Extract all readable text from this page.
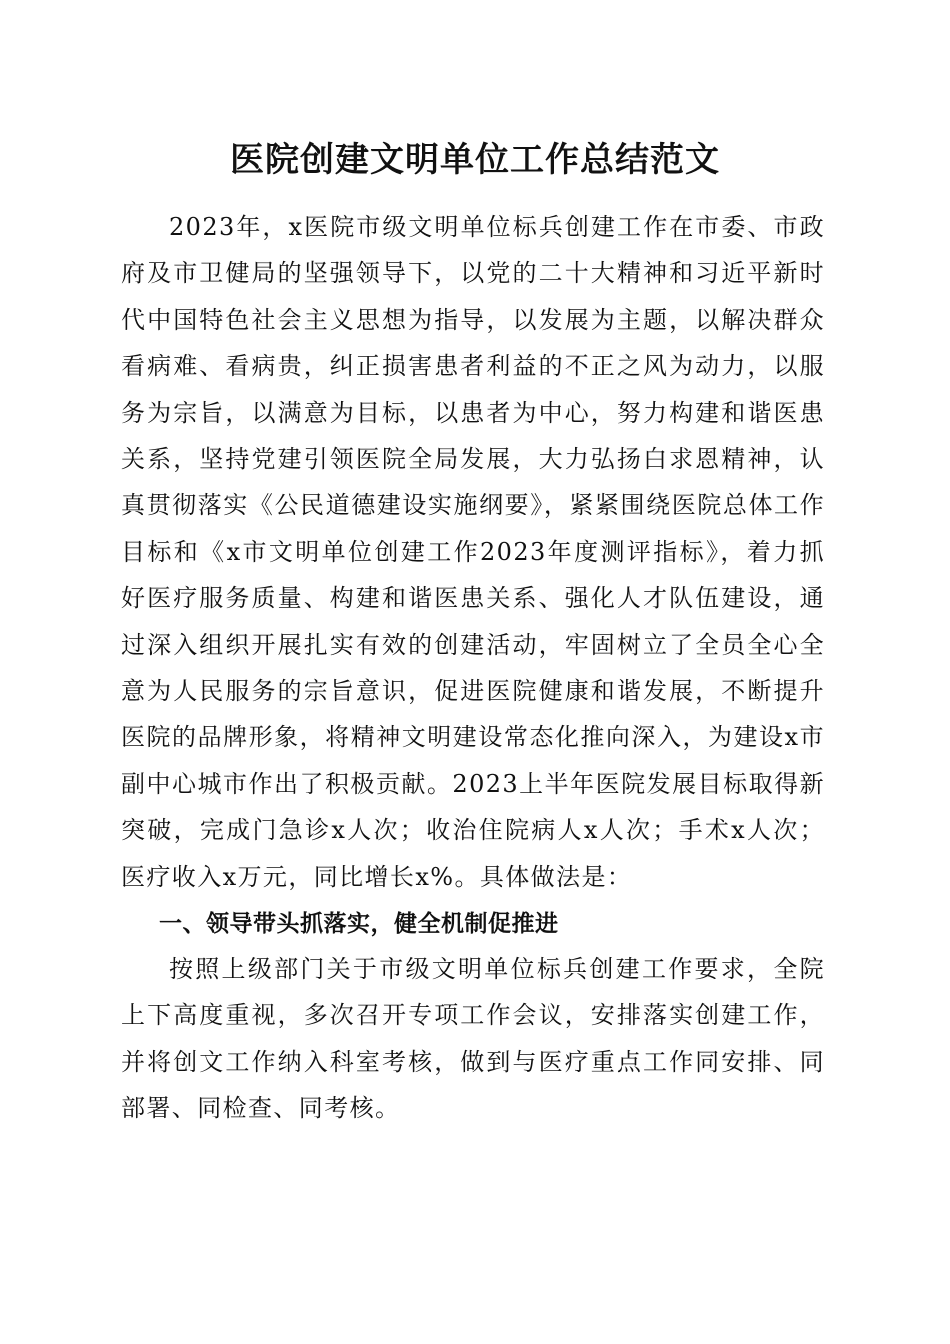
医院创建文明单位工作总结范文

2023年，x医院市级文明单位标兵创建工作在市委、市政府及市卫健局的坚强领导下，以党的二十大精神和习近平新时代中国特色社会主义思想为指导，以发展为主题，以解决群众看病难、看病贵，纠正损害患者利益的不正之风为动力，以服务为宗旨，以满意为目标，以患者为中心，努力构建和谐医患关系，坚持党建引领医院全局发展，大力弘扬白求恩精神，认真贯彻落实《公民道德建设实施纲要》，紧紧围绕医院总体工作目标和《x市文明单位创建工作2023年度测评指标》，着力抓好医疗服务质量、构建和谐医患关系、强化人才队伍建设，通过深入组织开展扎实有效的创建活动，牢固树立了全员全心全意为人民服务的宗旨意识，促进医院健康和谐发展，不断提升医院的品牌形象，将精神文明建设常态化推向深入，为建设x市副中心城市作出了积极贡献。2023上半年医院发展目标取得新突破，完成门急诊x人次；收治住院病人x人次；手术x人次；医疗收入x万元，同比增长x%。具体做法是：

一、领导带头抓落实，健全机制促推进

按照上级部门关于市级文明单位标兵创建工作要求，全院上下高度重视，多次召开专项工作会议，安排落实创建工作，并将创文工作纳入科室考核，做到与医疗重点工作同安排、同部署、同检查、同考核。
